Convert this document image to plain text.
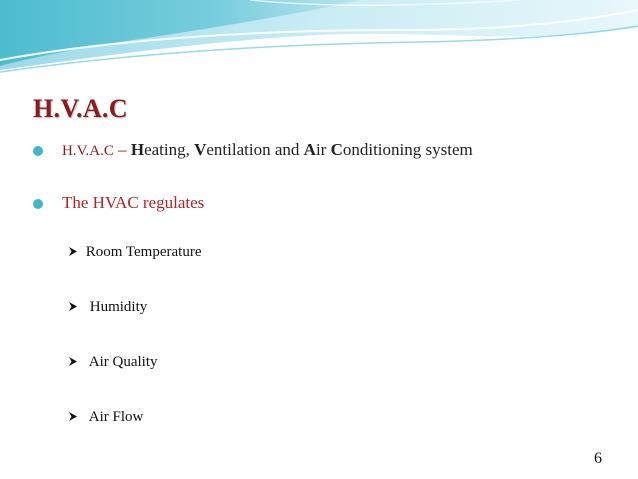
H.V.A.C
H.V.A.C – Heating, Ventilation and Air Conditioning system
The HVAC regulates
Room Temperature
Humidity
Air Quality
Air Flow
6
